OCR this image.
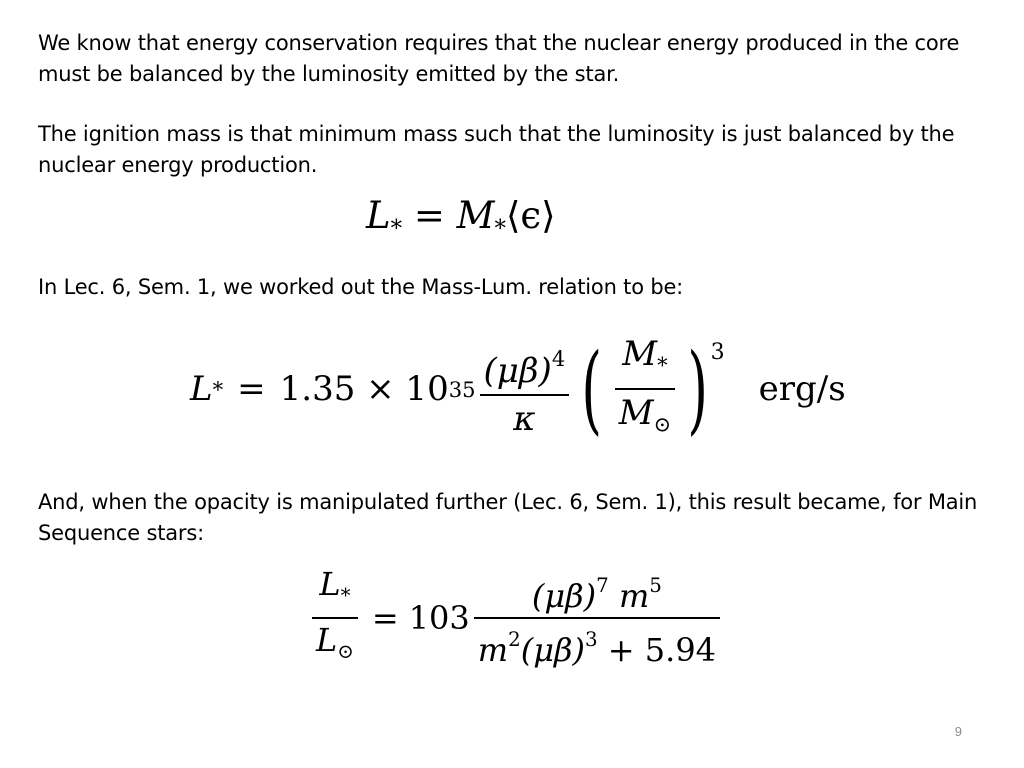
We know that energy conservation requires that the nuclear energy produced in the core must be balanced by the luminosity emitted by the star.

The ignition mass is that minimum mass such that the luminosity is just balanced by the nuclear energy production.

$L_*$ = $M_*⟨\epsilon⟩$

In Lec. 6, Sem. 1, we worked out the Mass-Lum. relation to be:

L * = 1.35 × 10 $35 \frac{(\mu\beta)^4}{\kappa}$ ( $\frac{M_*}{M_⊙}$ ) 3
erg/s

And, when the opacity is manipulated further (Lec. 6, Sem. 1), this result became, for Main Sequence stars:

$\frac{L_*}{L_⊙} = 103 \frac{(\mu\beta)^7 m^5}{m^2(\mu\beta)^3 + 5.94}$
9
